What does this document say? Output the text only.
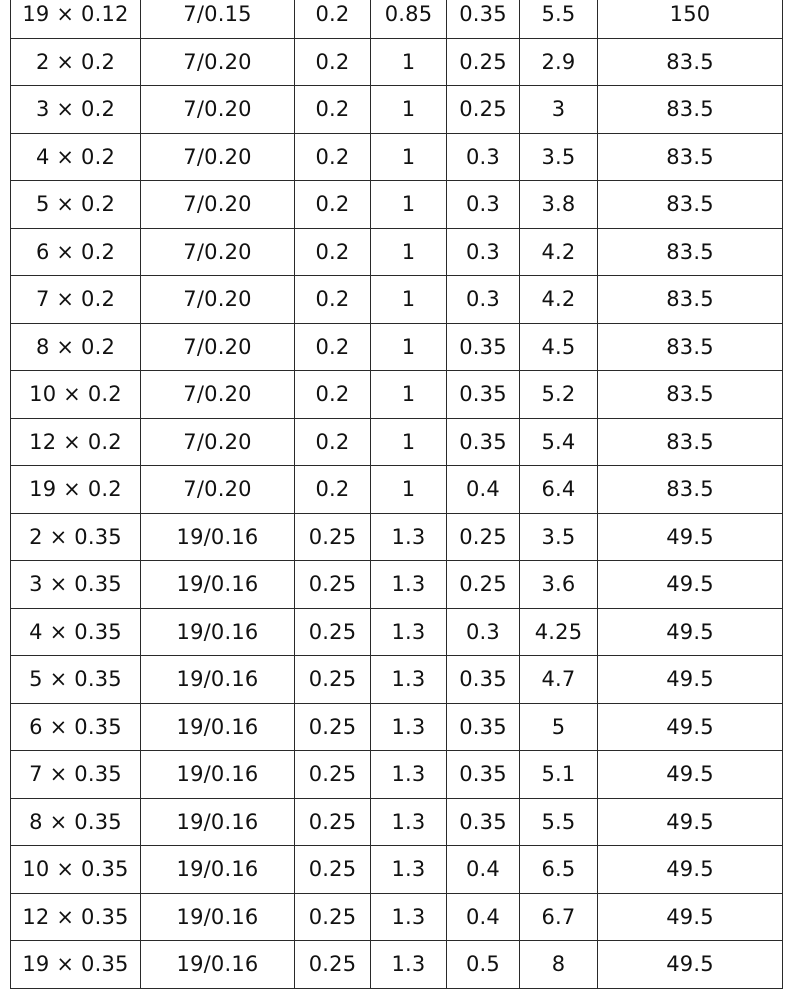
19 × 0.12	7/0.15	0.2	0.85	0.35	5.5	150
2 × 0.2	7/0.20	0.2	1	0.25	2.9	83.5
3 × 0.2	7/0.20	0.2	1	0.25	3	83.5
4 × 0.2	7/0.20	0.2	1	0.3	3.5	83.5
5 × 0.2	7/0.20	0.2	1	0.3	3.8	83.5
6 × 0.2	7/0.20	0.2	1	0.3	4.2	83.5
7 × 0.2	7/0.20	0.2	1	0.3	4.2	83.5
8 × 0.2	7/0.20	0.2	1	0.35	4.5	83.5
10 × 0.2	7/0.20	0.2	1	0.35	5.2	83.5
12 × 0.2	7/0.20	0.2	1	0.35	5.4	83.5
19 × 0.2	7/0.20	0.2	1	0.4	6.4	83.5
2 × 0.35	19/0.16	0.25	1.3	0.25	3.5	49.5
3 × 0.35	19/0.16	0.25	1.3	0.25	3.6	49.5
4 × 0.35	19/0.16	0.25	1.3	0.3	4.25	49.5
5 × 0.35	19/0.16	0.25	1.3	0.35	4.7	49.5
6 × 0.35	19/0.16	0.25	1.3	0.35	5	49.5
7 × 0.35	19/0.16	0.25	1.3	0.35	5.1	49.5
8 × 0.35	19/0.16	0.25	1.3	0.35	5.5	49.5
10 × 0.35	19/0.16	0.25	1.3	0.4	6.5	49.5
12 × 0.35	19/0.16	0.25	1.3	0.4	6.7	49.5
19 × 0.35	19/0.16	0.25	1.3	0.5	8	49.5
